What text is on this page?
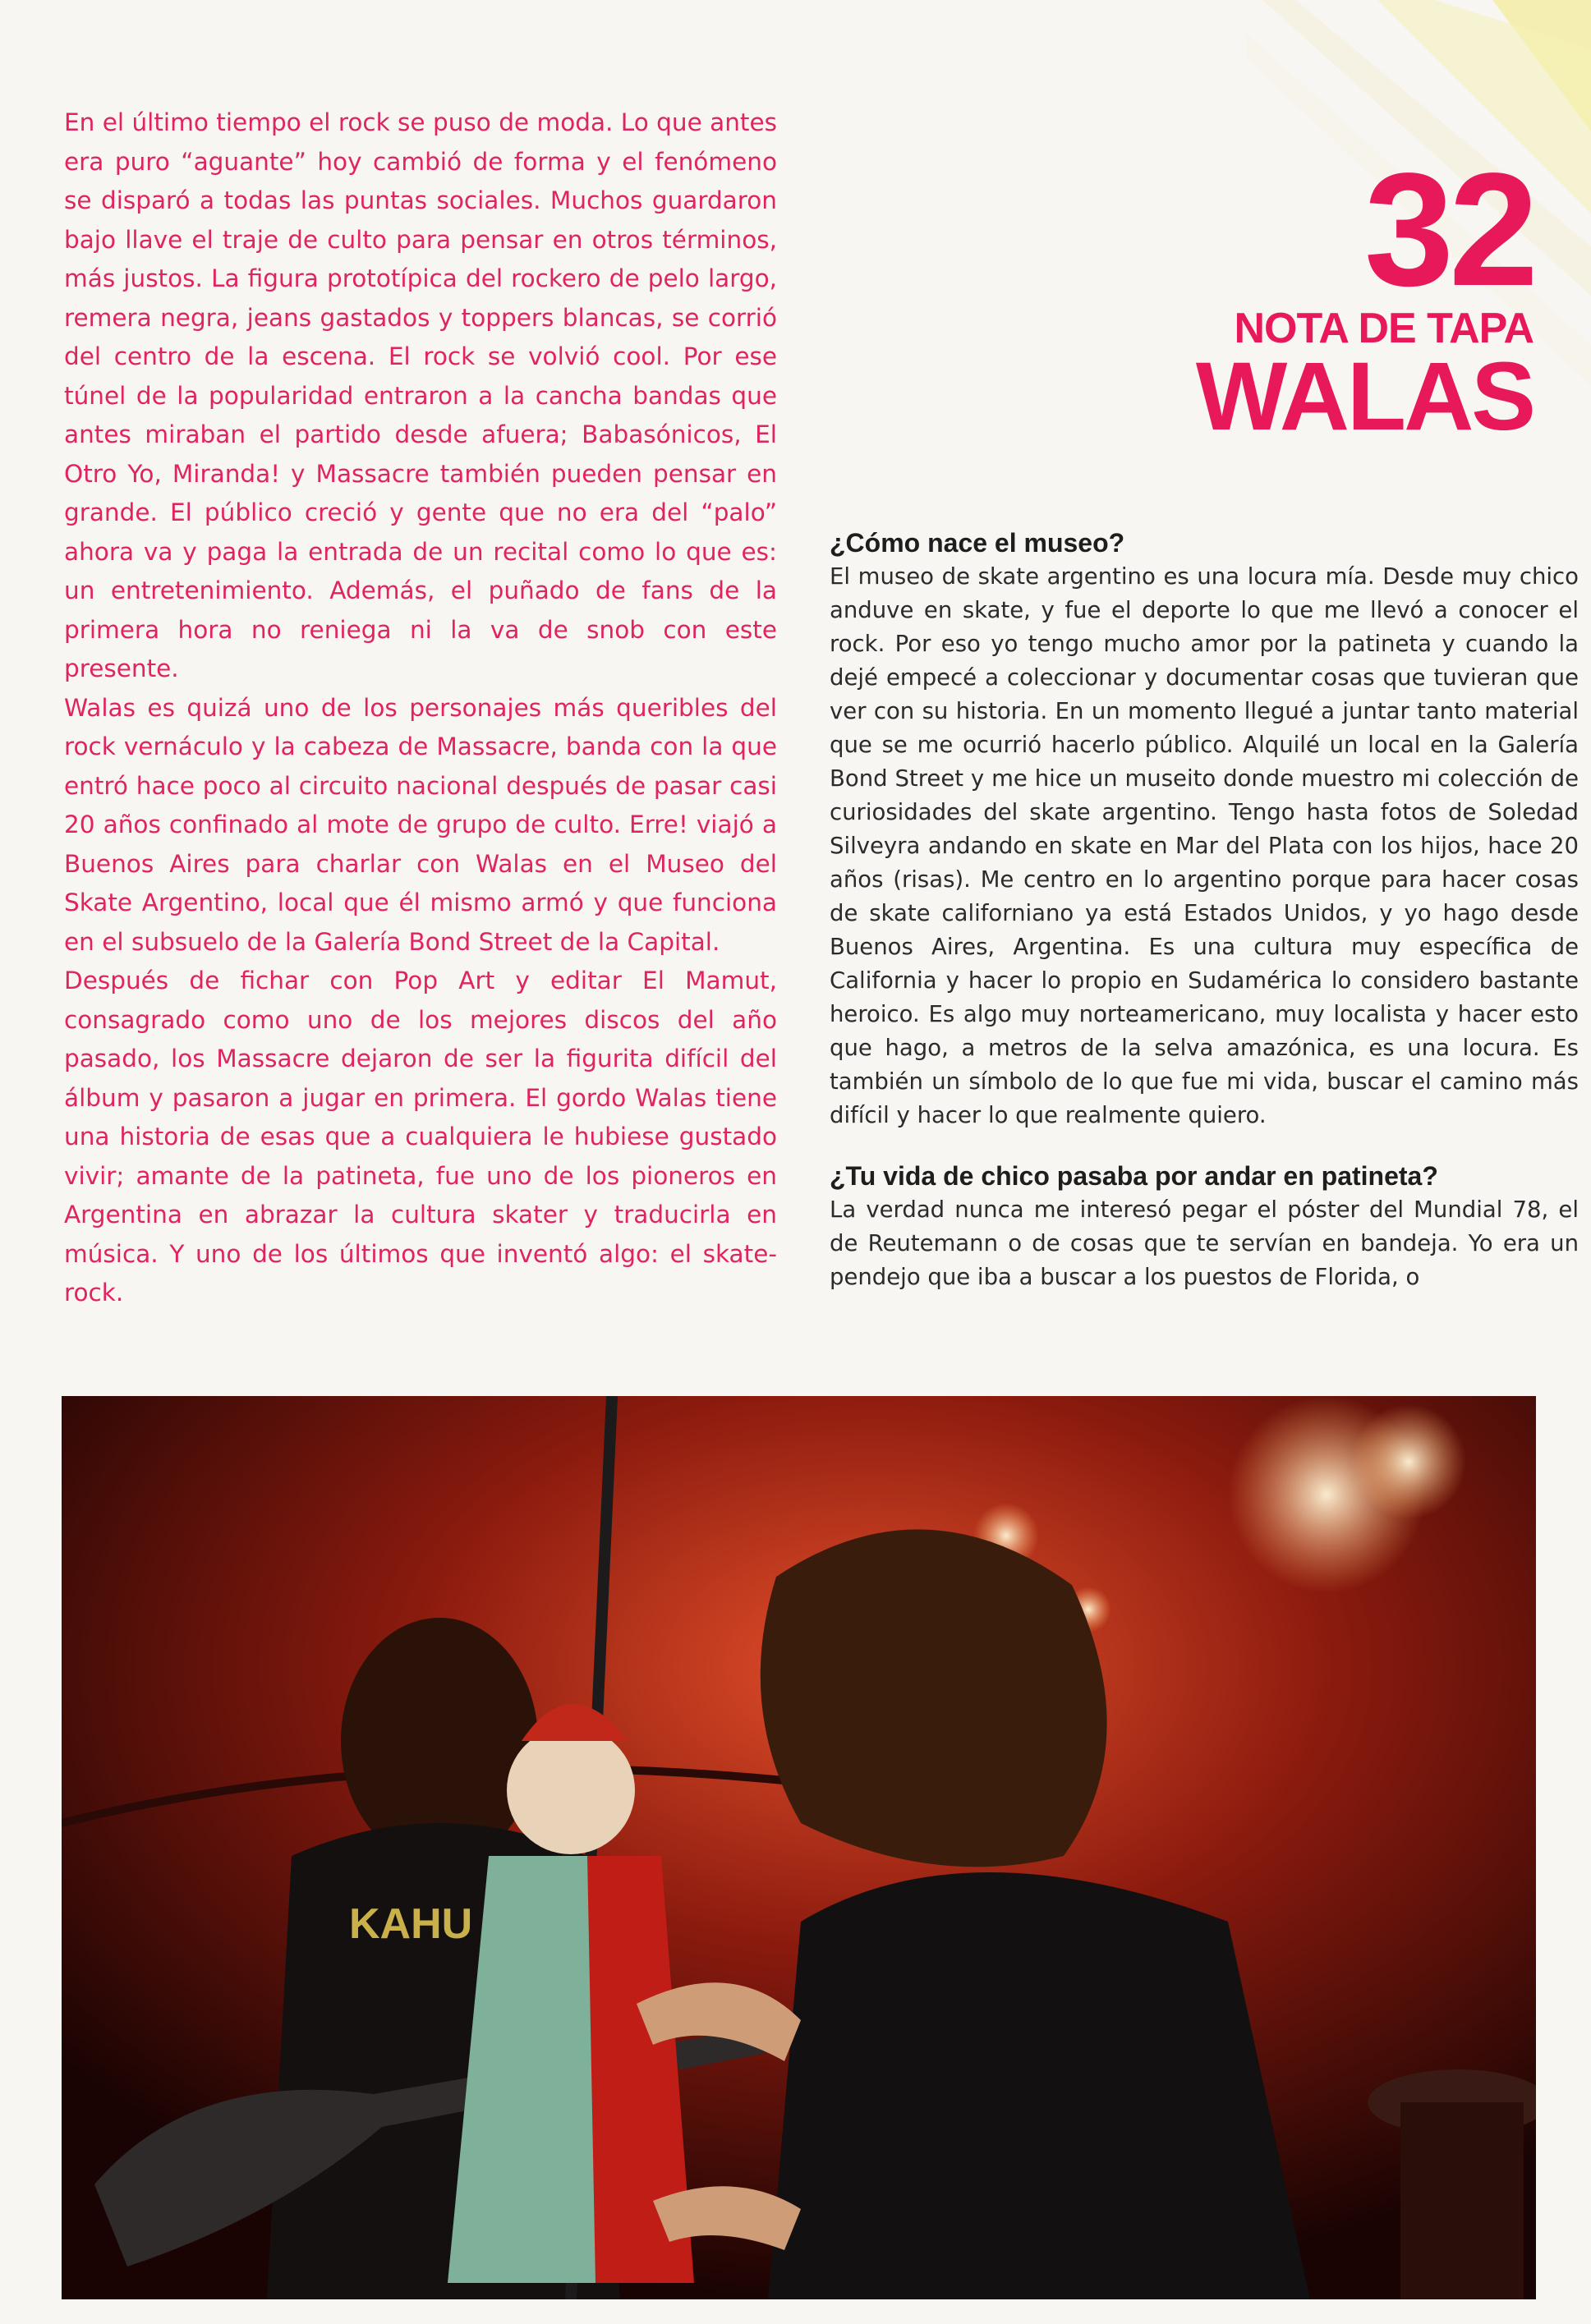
32
NOTA DE TAPA
WALAS

En el último tiempo el rock se puso de moda. Lo que antes era puro “aguante” hoy cambió de forma y el fenómeno se disparó a todas las puntas sociales. Muchos guardaron bajo llave el traje de culto para pensar en otros términos, más justos. La figura prototípica del rockero de pelo largo, remera negra, jeans gastados y toppers blancas, se corrió del centro de la escena. El rock se volvió cool. Por ese túnel de la popularidad entraron a la cancha bandas que antes miraban el partido desde afuera; Babasónicos, El Otro Yo, Miranda! y Massacre también pueden pensar en grande. El público creció y gente que no era del “palo” ahora va y paga la entrada de un recital como lo que es: un entretenimiento. Además, el puñado de fans de la primera hora no reniega ni la va de snob con este presente.

Walas es quizá uno de los personajes más queribles del rock vernáculo y la cabeza de Massacre, banda con la que entró hace poco al circuito nacional después de pasar casi 20 años confinado al mote de grupo de culto. Erre! viajó a Buenos Aires para charlar con Walas en el Museo del Skate Argentino, local que él mismo armó y que funciona en el subsuelo de la Galería Bond Street de la Capital.

Después de fichar con Pop Art y editar El Mamut, consagrado como uno de los mejores discos del año pasado, los Massacre dejaron de ser la figurita difícil del álbum y pasaron a jugar en primera. El gordo Walas tiene una historia de esas que a cualquiera le hubiese gustado vivir; amante de la patineta, fue uno de los pioneros en Argentina en abrazar la cultura skater y traducirla en música. Y uno de los últimos que inventó algo: el skate-rock.

¿Cómo nace el museo?

El museo de skate argentino es una locura mía. Desde muy chico anduve en skate, y fue el deporte lo que me llevó a conocer el rock. Por eso yo tengo mucho amor por la patineta y cuando la dejé empecé a coleccionar y documentar cosas que tuvieran que ver con su historia. En un momento llegué a juntar tanto material que se me ocurrió hacerlo público. Alquilé un local en la Galería Bond Street y me hice un museito donde muestro mi colección de curiosidades del skate argentino. Tengo hasta fotos de Soledad Silveyra andando en skate en Mar del Plata con los hijos, hace 20 años (risas). Me centro en lo argentino porque para hacer cosas de skate californiano ya está Estados Unidos, y yo hago desde Buenos Aires, Argentina. Es una cultura muy específica de California y hacer lo propio en Sudamérica lo considero bastante heroico. Es algo muy norteamericano, muy localista y hacer esto que hago, a metros de la selva amazónica, es una locura. Es también un símbolo de lo que fue mi vida, buscar el camino más difícil y hacer lo que realmente quiero.

¿Tu vida de chico pasaba por andar en patineta?

La verdad nunca me interesó pegar el póster del Mundial 78, el de Reutemann o de cosas que te servían en bandeja. Yo era un pendejo que iba a buscar a los puestos de Florida, o

KAHU
